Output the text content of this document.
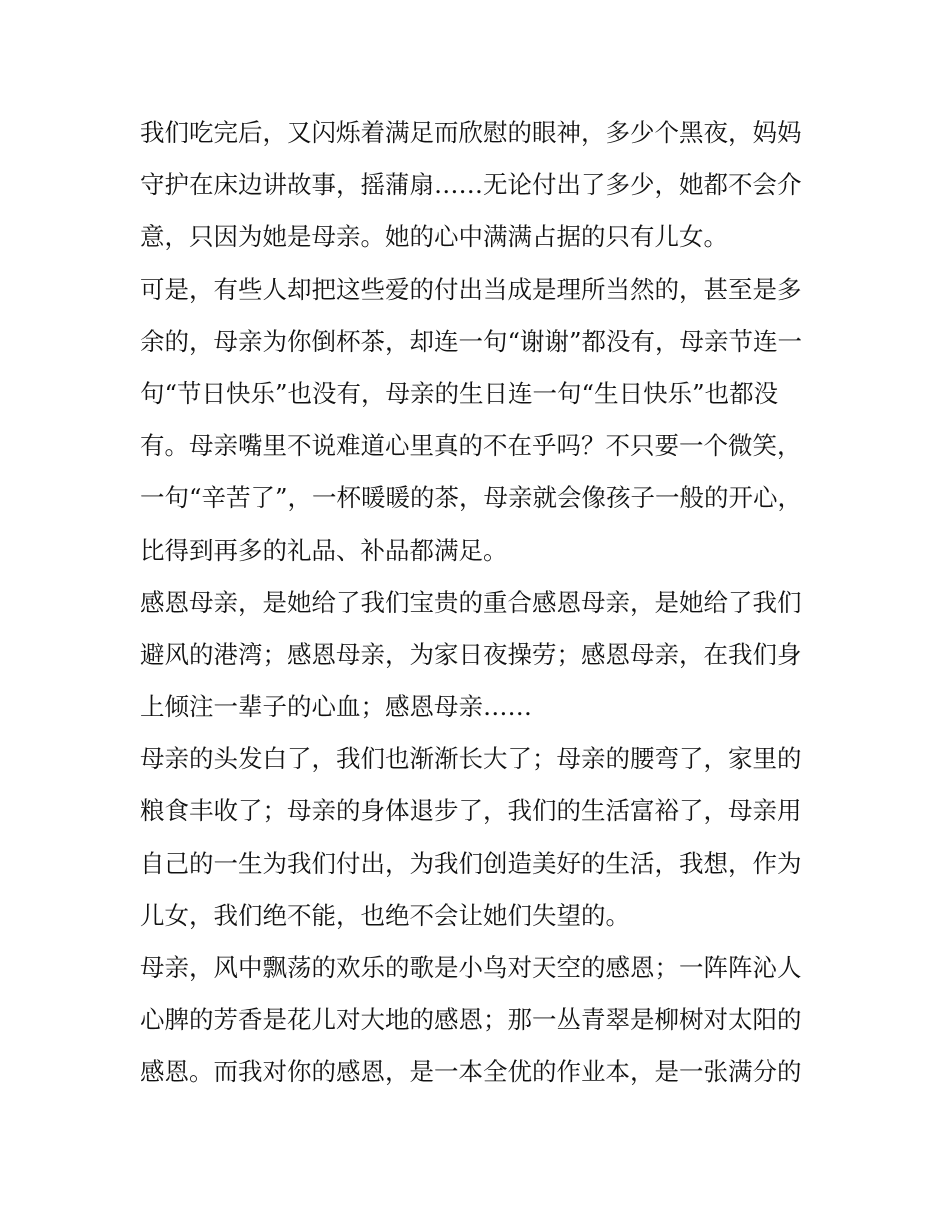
我们吃完后，又闪烁着满足而欣慰的眼神，多少个黑夜，妈妈
守护在床边讲故事，摇蒲扇……无论付出了多少，她都不会介
意，只因为她是母亲。她的心中满满占据的只有儿女。
可是，有些人却把这些爱的付出当成是理所当然的，甚至是多
余的，母亲为你倒杯茶，却连一句“谢谢”都没有，母亲节连一
句“节日快乐”也没有，母亲的生日连一句“生日快乐”也都没
有。母亲嘴里不说难道心里真的不在乎吗？不只要一个微笑，
一句“辛苦了”，一杯暖暖的茶，母亲就会像孩子一般的开心，
比得到再多的礼品、补品都满足。
感恩母亲，是她给了我们宝贵的重合感恩母亲，是她给了我们
避风的港湾；感恩母亲，为家日夜操劳；感恩母亲，在我们身
上倾注一辈子的心血；感恩母亲……
母亲的头发白了，我们也渐渐长大了；母亲的腰弯了，家里的
粮食丰收了；母亲的身体退步了，我们的生活富裕了，母亲用
自己的一生为我们付出，为我们创造美好的生活，我想，作为
儿女，我们绝不能，也绝不会让她们失望的。
母亲，风中飘荡的欢乐的歌是小鸟对天空的感恩；一阵阵沁人
心脾的芳香是花儿对大地的感恩；那一丛青翠是柳树对太阳的
感恩。而我对你的感恩，是一本全优的作业本，是一张满分的
